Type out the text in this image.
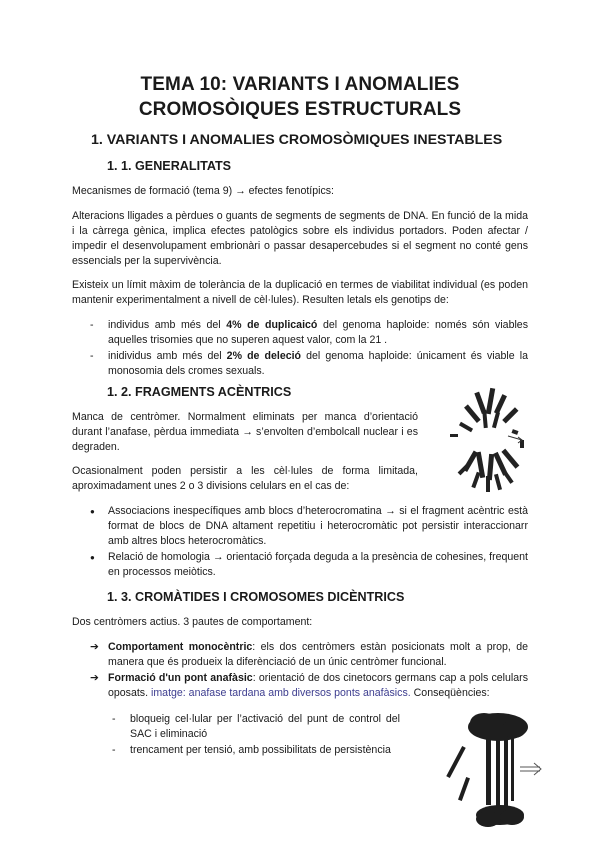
TEMA 10: VARIANTS I ANOMALIES
CROMOSÒIQUES ESTRUCTURALS
1. VARIANTS I ANOMALIES CROMOSÒMIQUES INESTABLES
1. 1. GENERALITATS

Mecanismes de formació (tema 9) → efectes fenotípics:

Alteracions lligades a pèrdues o guants de segments de segments de DNA. En funció de la mida i la càrrega gènica, implica efectes patològics sobre els individus portadors. Poden afectar / impedir el desenvolupament embrionàri o passar desapercebudes si el segment no conté gens essencials per la supervivència.

Existeix un límit màxim de tolerància de la duplicació en termes de viabilitat individual (es poden mantenir experimentalment a nivell de cèl·lules). Resulten letals els genotips de:

- individus amb més del 4% de duplicaicó del genoma haploide: només són viables aquelles trisomies que no superen aquest valor, com la 21 .
- inidividus amb més del 2% de deleció del genoma haploide: únicament és viable la monosomia dels cromes sexuals.
1. 2. FRAGMENTS ACÈNTRICS

Manca de centròmer. Normalment eliminats per manca d’orientació durant l’anafase, pèrdua immediata → s’envolten d’embolcall nuclear i es degraden.

Ocasionalment poden persistir a les cèl·lules de forma limitada, aproximadament unes 2 o 3 divisions celulars en el cas de:

● Associacions inespecífiques amb blocs d’heterocromatina → si el fragment acèntric està format de blocs de DNA altament repetitiu i heterocromàtic pot persistir interaccionarr amb altres blocs heterocromàtics.
● Relació de homologia → orientació forçada deguda a la presència de cohesines, frequent en processos meiòtics.
1. 3. CROMÀTIDES I CROMOSOMES DICÈNTRICS

Dos centròmers actius. 3 pautes de comportament:

➔ Comportament monocèntric: els dos centròmers estàn posicionats molt a prop, de manera que és produeix la diferènciació de un únic centròmer funcional.
➔ Formació d'un pont anafàsic: orientació de dos cinetocors germans cap a pols celulars oposats. imatge: anafase tardana amb diversos ponts anafàsics. Conseqüències:
- bloqueig cel·lular per l’activació del punt de control del SAC i eliminació
- trencament per tensió, amb possibilitats de persistència
